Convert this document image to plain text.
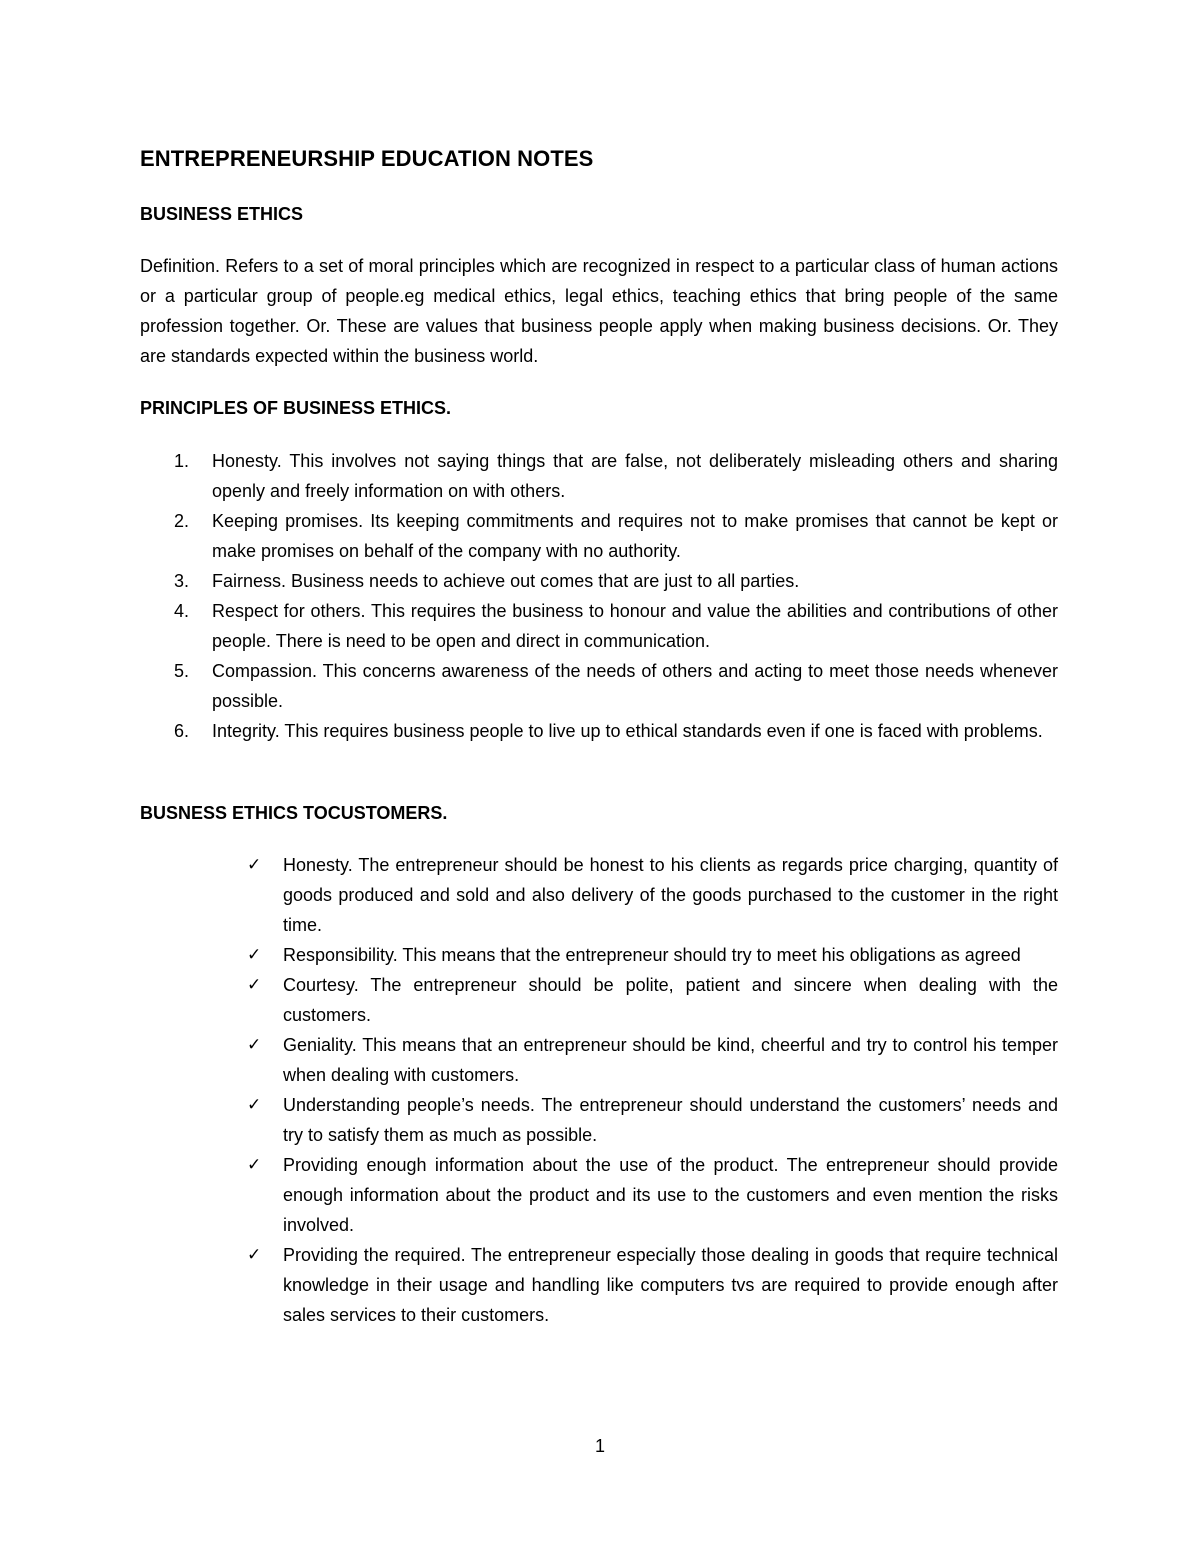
ENTREPRENEURSHIP EDUCATION NOTES
BUSINESS ETHICS
Definition. Refers to a set of moral principles which are recognized in respect to a particular class of human actions or a particular group of people.eg medical ethics, legal ethics, teaching ethics that bring people of the same profession together. Or. These are values that business people apply when making business decisions. Or. They are standards expected within the business world.
PRINCIPLES OF BUSINESS ETHICS.
1. Honesty. This involves not saying things that are false, not deliberately misleading others and sharing openly and freely information on with others.
2. Keeping promises. Its keeping commitments and requires not to make promises that cannot be kept or make promises on behalf of the company with no authority.
3. Fairness. Business needs to achieve out comes that are just to all parties.
4. Respect for others. This requires the business to honour and value the abilities and contributions of other people. There is need to be open and direct in communication.
5. Compassion. This concerns awareness of the needs of others and acting to meet those needs whenever possible.
6. Integrity. This requires business people to live up to ethical standards even if one is faced with problems.
BUSNESS ETHICS TOCUSTOMERS.
✓ Honesty. The entrepreneur should be honest to his clients as regards price charging, quantity of goods produced and sold and also delivery of the goods purchased to the customer in the right time.
✓ Responsibility. This means that the entrepreneur should try to meet his obligations as agreed
✓ Courtesy. The entrepreneur should be polite, patient and sincere when dealing with the customers.
✓ Geniality. This means that an entrepreneur should be kind, cheerful and try to control his temper when dealing with customers.
✓ Understanding people’s needs. The entrepreneur should understand the customers’ needs and try to satisfy them as much as possible.
✓ Providing enough information about the use of the product. The entrepreneur should provide enough information about the product and its use to the customers and even mention the risks involved.
✓ Providing the required. The entrepreneur especially those dealing in goods that require technical knowledge in their usage and handling like computers tvs are required to provide enough after sales services to their customers.
1
